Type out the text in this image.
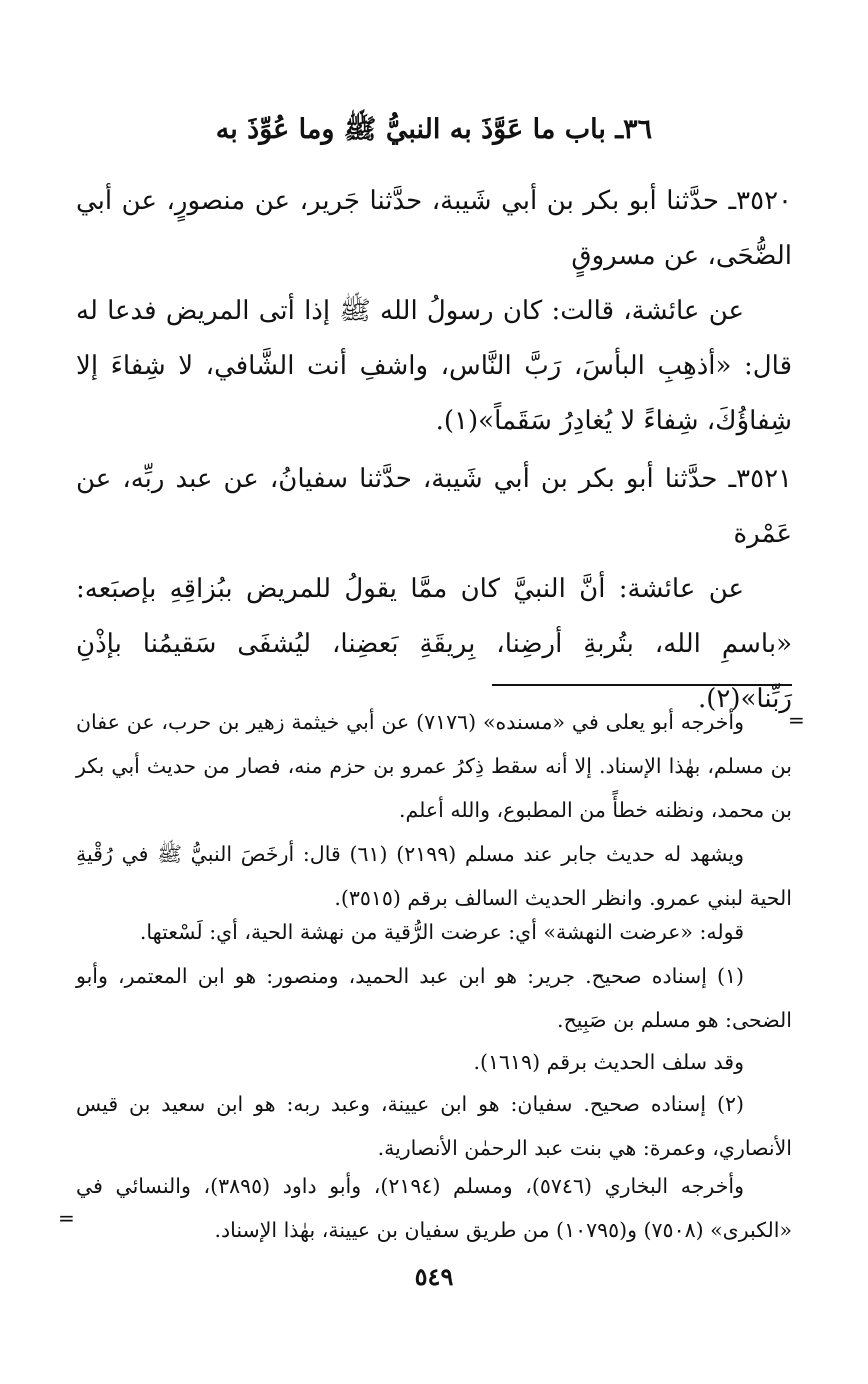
٣٦ـ باب ما عَوَّذَ به النبيُّ ﷺ وما عُوِّذَ به

٣٥٢٠ـ حدَّثنا أبو بكر بن أبي شَيبة، حدَّثنا جَرير، عن منصورٍ، عن أبي الضُّحَى، عن مسروقٍ

عن عائشة، قالت: كان رسولُ الله ﷺ إذا أتى المريض فدعا له قال: «أذهِبِ البأسَ، رَبَّ النَّاس، واشفِ أنت الشَّافي، لا شِفاءَ إلا شِفاؤُكَ، شِفاءً لا يُغادِرُ سَقَماً»(١).

٣٥٢١ـ حدَّثنا أبو بكر بن أبي شَيبة، حدَّثنا سفيانُ، عن عبد ربِّه، عن عَمْرة

عن عائشة: أنَّ النبيَّ كان ممَّا يقولُ للمريض ببُزاقِهِ بإصبَعه: «باسمِ الله، بتُربةِ أرضِنا، بِريقَةِ بَعضِنا، ليُشفَى سَقيمُنا بإذْنِ رَبِّنا»(٢).

وأخرجه أبو يعلى في «مسنده» (٧١٧٦) عن أبي خيثمة زهير بن حرب، عن عفان بن مسلم، بهٰذا الإسناد. إلا أنه سقط ذِكرُ عمرو بن حزم منه، فصار من حديث أبي بكر بن محمد، ونظنه خطأً من المطبوع، والله أعلم.

ويشهد له حديث جابر عند مسلم (٢١٩٩) (٦١) قال: أرخَصَ النبيُّ ﷺ في رُقْيةِ الحية لبني عمرو. وانظر الحديث السالف برقم (٣٥١٥).

قوله: «عرضت النهشة» أي: عرضت الرُّقية من نهشة الحية، أي: لَسْعتها.

(١) إسناده صحيح. جرير: هو ابن عبد الحميد، ومنصور: هو ابن المعتمر، وأبو الضحى: هو مسلم بن صَبِيح.

وقد سلف الحديث برقم (١٦١٩).

(٢) إسناده صحيح. سفيان: هو ابن عيينة، وعبد ربه: هو ابن سعيد بن قيس الأنصاري، وعمرة: هي بنت عبد الرحمٰن الأنصارية.

وأخرجه البخاري (٥٧٤٦)، ومسلم (٢١٩٤)، وأبو داود (٣٨٩٥)، والنسائي في «الكبرى» (٧٥٠٨) و(١٠٧٩٥) من طريق سفيان بن عيينة، بهٰذا الإسناد.

٥٤٩
=
=
